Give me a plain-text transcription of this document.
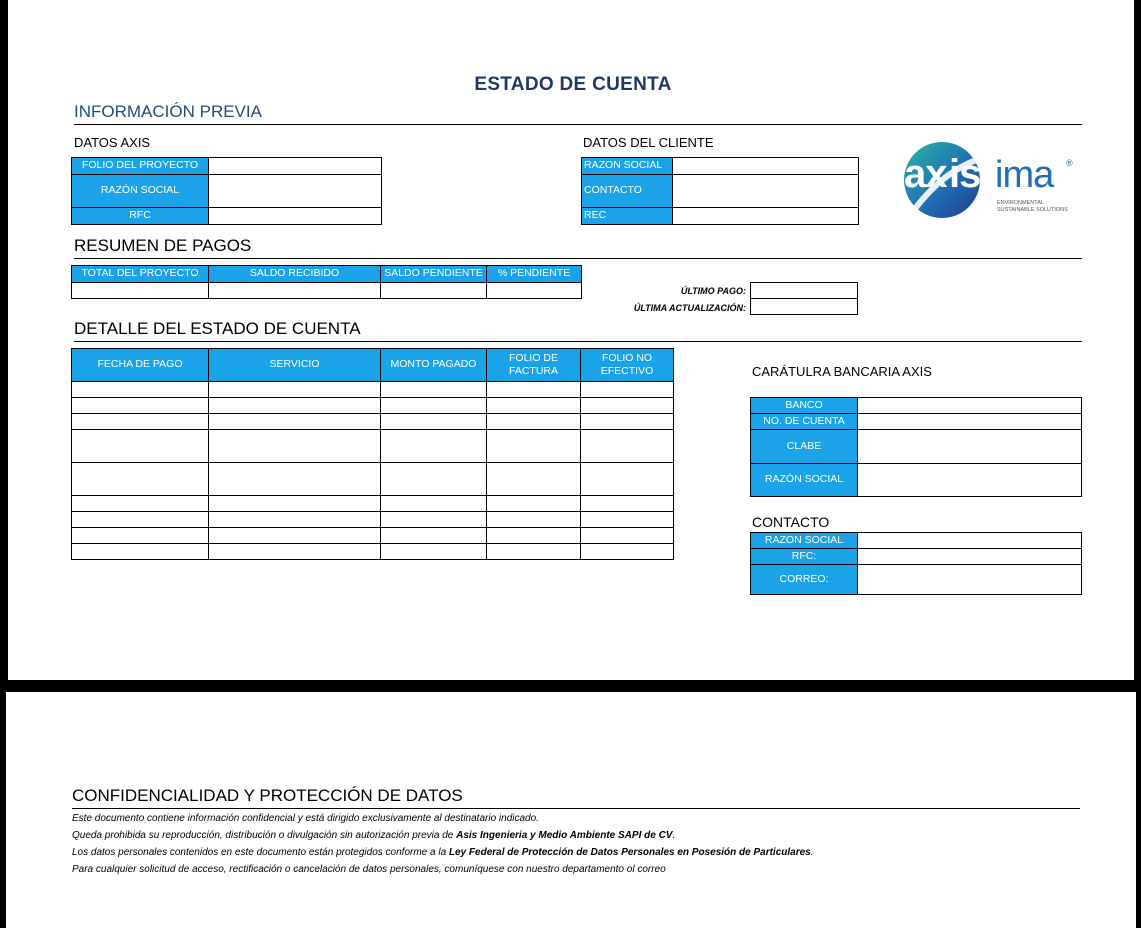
ESTADO DE CUENTA
INFORMACIÓN PREVIA
DATOS AXIS
FOLIO DEL PROYECTO	
RAZÓN SOCIAL	
RFC	
DATOS DEL CLIENTE
RAZON SOCIAL	
CONTACTO	
REC	
ax is ima ®
ENVIRONMENTAL
SUSTAINABLE SOLUTIONS
RESUMEN DE PAGOS
TOTAL DEL PROYECTO	SALDO RECIBIDO	SALDO PENDIENTE	% PENDIENTE

ÚLTIMO PAGO:
ÚLTIMA ACTUALIZACIÓN:
DETALLE DEL ESTADO DE CUENTA
FECHA DE PAGO	SERVICIO	MONTO PAGADO	FOLIO DE FACTURA	FOLIO NO EFECTIVO

					CARÁTULRA BANCARIA AXIS
BANCO	
NO. DE CUENTA	
CLABE	
RAZÓN SOCIAL	
CONTACTO
RAZON SOCIAL	
RFC:	
CORREO:	
CONFIDENCIALIDAD Y PROTECCIÓN DE DATOS
Este documento contiene información confidencial y está dirigido exclusivamente al destinatario indicado.
Queda prohibida su reproducción, distribución o divulgación sin autorización previa de Asis Ingenieria y Medio Ambiente SAPI de CV.
Los datos personales contenidos en este documento están protegidos conforme a la Ley Federal de Protección de Datos Personales en Posesión de Particulares.
Para cualquier solicitud de acceso, rectificación o cancelación de datos personales, comuníquese con nuestro departamento ol correo
